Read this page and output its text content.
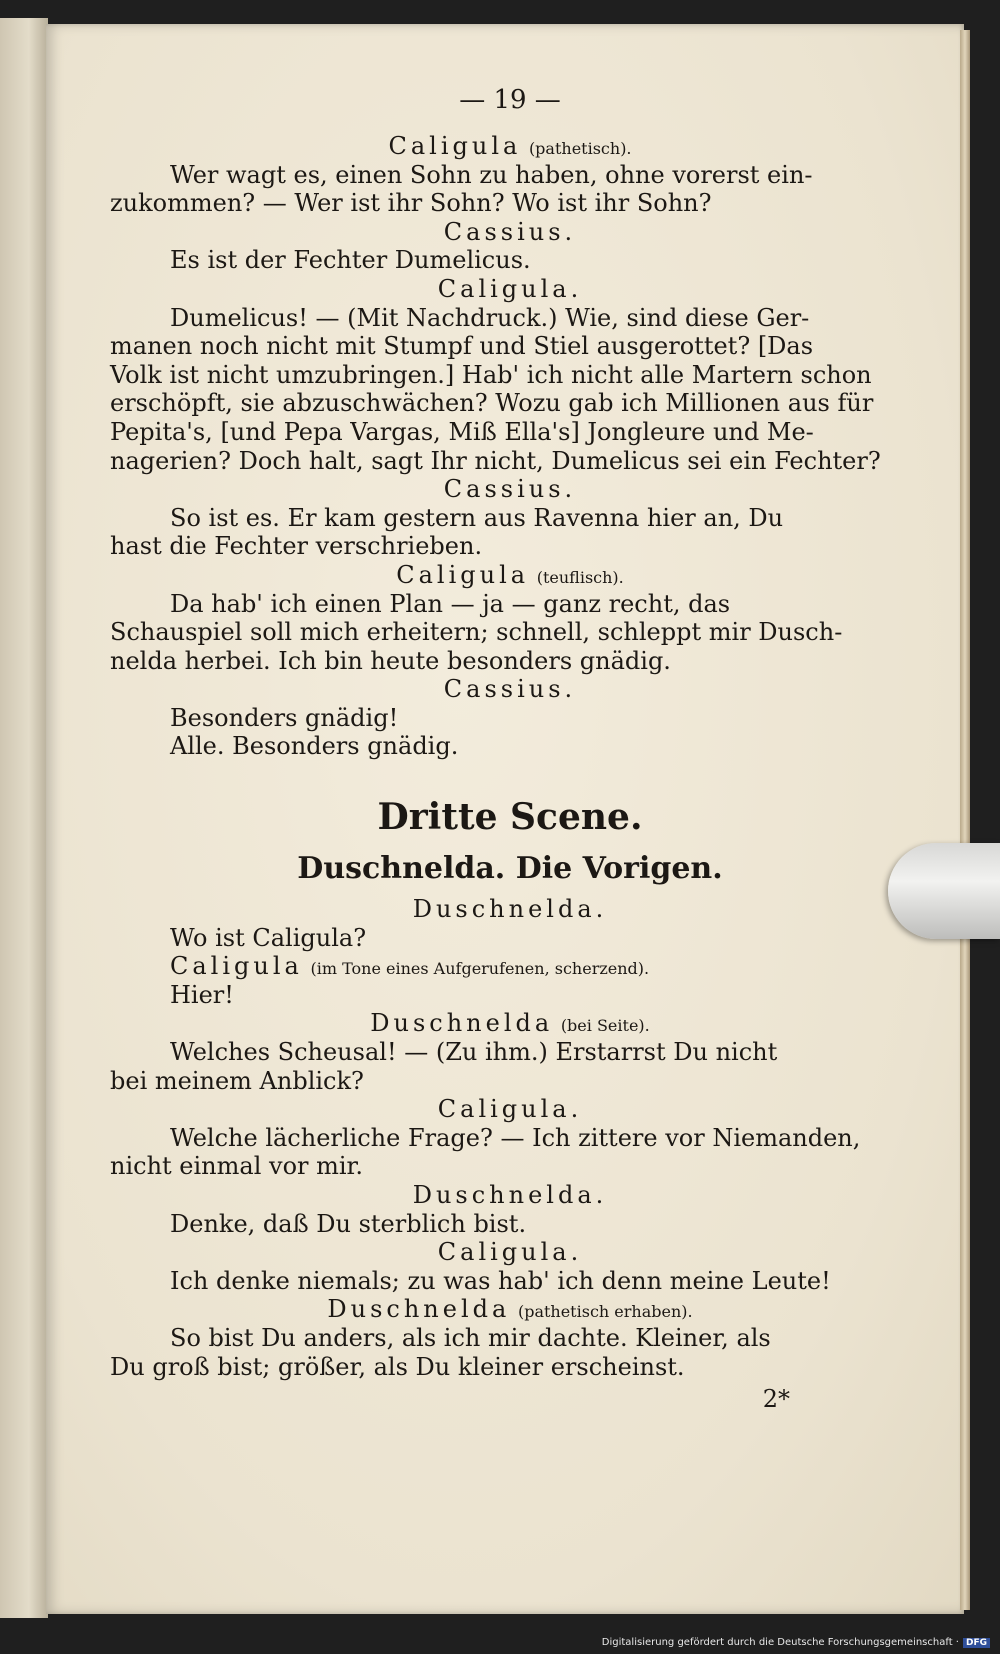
— 19 —
Caligula (pathetisch).
Wer wagt es, einen Sohn zu haben, ohne vorerst ein-
zukommen? — Wer ist ihr Sohn? Wo ist ihr Sohn?
Cassius.
Es ist der Fechter Dumelicus.
Caligula.
Dumelicus! — (Mit Nachdruck.) Wie, sind diese Ger-
manen noch nicht mit Stumpf und Stiel ausgerottet? [Das
Volk ist nicht umzubringen.] Hab' ich nicht alle Martern schon
erschöpft, sie abzuschwächen? Wozu gab ich Millionen aus für
Pepita's, [und Pepa Vargas, Miß Ella's] Jongleure und Me-
nagerien? Doch halt, sagt Ihr nicht, Dumelicus sei ein Fechter?
Cassius.
So ist es. Er kam gestern aus Ravenna hier an, Du
hast die Fechter verschrieben.
Caligula (teuflisch).
Da hab' ich einen Plan — ja — ganz recht, das
Schauspiel soll mich erheitern; schnell, schleppt mir Dusch-
nelda herbei. Ich bin heute besonders gnädig.
Cassius.
Besonders gnädig!
Alle. Besonders gnädig.
Dritte Scene.
Duschnelda. Die Vorigen.
Duschnelda.
Wo ist Caligula?
Caligula (im Tone eines Aufgerufenen, scherzend).
Hier!
Duschnelda (bei Seite).
Welches Scheusal! — (Zu ihm.) Erstarrst Du nicht
bei meinem Anblick?
Caligula.
Welche lächerliche Frage? — Ich zittere vor Niemanden,
nicht einmal vor mir.
Duschnelda.
Denke, daß Du sterblich bist.
Caligula.
Ich denke niemals; zu was hab' ich denn meine Leute!
Duschnelda (pathetisch erhaben).
So bist Du anders, als ich mir dachte. Kleiner, als
Du groß bist; größer, als Du kleiner erscheinst.
2*
Digitalisierung gefördert durch die Deutsche Forschungsgemeinschaft · DFG
